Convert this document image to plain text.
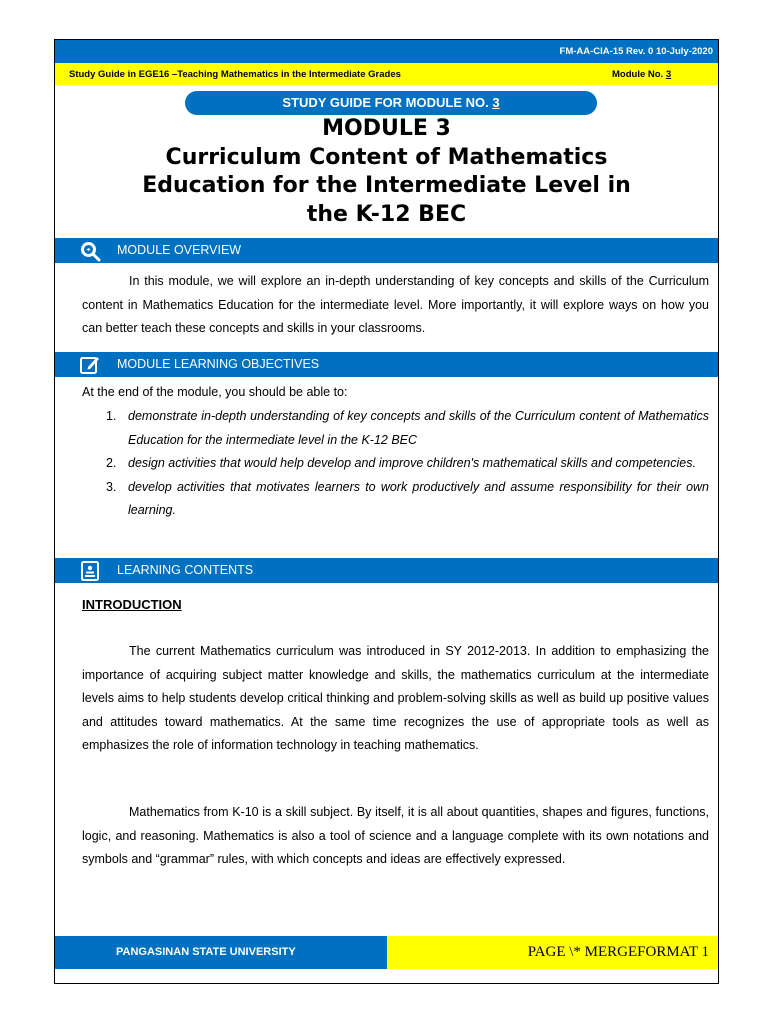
FM-AA-CIA-15 Rev. 0 10-July-2020
Study Guide in EGE16 –Teaching Mathematics in the Intermediate Grades	Module No. 3
STUDY GUIDE FOR MODULE NO. 3
MODULE 3
Curriculum Content of Mathematics
Education for the Intermediate Level in
the K-12 BEC
MODULE OVERVIEW
In this module, we will explore an in-depth understanding of key concepts and skills of the Curriculum content in Mathematics Education for the intermediate level. More importantly, it will explore ways on how you can better teach these concepts and skills in your classrooms.
MODULE LEARNING OBJECTIVES
At the end of the module, you should be able to:
1. demonstrate in-depth understanding of key concepts and skills of the Curriculum content of Mathematics Education for the intermediate level in the K-12 BEC
2. design activities that would help develop and improve children's mathematical skills and competencies.
3. develop activities that motivates learners to work productively and assume responsibility for their own learning.
LEARNING CONTENTS
INTRODUCTION
The current Mathematics curriculum was introduced in SY 2012-2013. In addition to emphasizing the importance of acquiring subject matter knowledge and skills, the mathematics curriculum at the intermediate levels aims to help students develop critical thinking and problem-solving skills as well as build up positive values and attitudes toward mathematics. At the same time recognizes the use of appropriate tools as well as emphasizes the role of information technology in teaching mathematics.
Mathematics from K-10 is a skill subject. By itself, it is all about quantities, shapes and figures, functions, logic, and reasoning. Mathematics is also a tool of science and a language complete with its own notations and symbols and “grammar” rules, with which concepts and ideas are effectively expressed.
PANGASINAN STATE UNIVERSITY	PAGE \* MERGEFORMAT 1
